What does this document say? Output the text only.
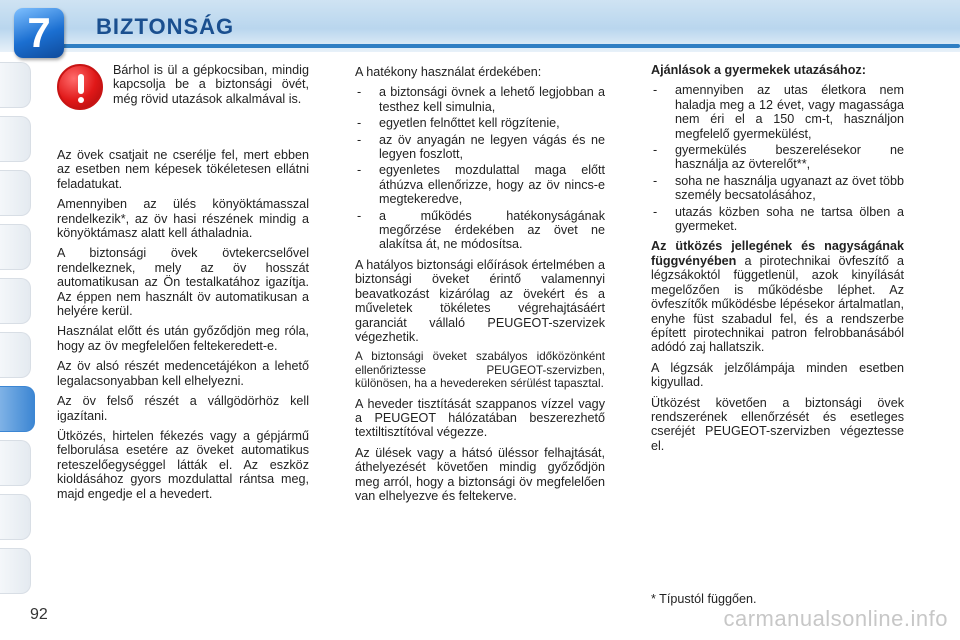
7	BIZTONSÁG

Bárhol is ül a gépkocsiban, mindig kapcsolja be a biztonsági övét, még rövid utazások alkalmával is.

Az övek csatjait ne cserélje fel, mert ebben az esetben nem képesek tökéletesen ellátni feladatukat.

Amennyiben az ülés könyöktámasszal rendelkezik*, az öv hasi részének mindig a könyöktámasz alatt kell áthaladnia.

A biztonsági övek övtekercselővel rendelkeznek, mely az öv hosszát automatikusan az Ön testalkatához igazítja. Az éppen nem használt öv automatikusan a helyére kerül.

Használat előtt és után győződjön meg róla, hogy az öv megfelelően feltekeredett-e.

Az öv alsó részét medencetájékon a lehető legalacsonyabban kell elhelyezni.

Az öv felső részét a vállgödörhöz kell igazítani.

Ütközés, hirtelen fékezés vagy a gépjármű felborulása esetére az öveket automatikus reteszelőegységgel látták el. Az eszköz kioldásához gyors mozdulattal rántsa meg, majd engedje el a hevedert.

A hatékony használat érdekében:

- a biztonsági övnek a lehető legjobban a testhez kell simulnia,
- egyetlen felnőttet kell rögzítenie,
- az öv anyagán ne legyen vágás és ne legyen foszlott,
- egyenletes mozdulattal maga előtt áthúzva ellenőrizze, hogy az öv nincs-e megtekeredve,
- a működés hatékonyságának megőrzése érdekében az övet ne alakítsa át, ne módosítsa.

A hatályos biztonsági előírások értelmében a biztonsági öveket érintő valamennyi beavatkozást kizárólag az övekért és a műveletek tökéletes végrehajtásáért garanciát vállaló PEUGEOT-szervizek végezhetik.

A biztonsági öveket szabályos időközönként ellenőriztesse PEUGEOT-szervizben, különösen, ha a hevedereken sérülést tapasztal.

A heveder tisztítását szappanos vízzel vagy a PEUGEOT hálózatában beszerezhető textiltisztítóval végezze.

Az ülések vagy a hátsó üléssor felhajtását, áthelyezését követően mindig győződjön meg arról, hogy a biztonsági öv megfelelően van elhelyezve és feltekerve.

Ajánlások a gyermekek utazásához:

- amennyiben az utas életkora nem haladja meg a 12 évet, vagy magassága nem éri el a 150 cm-t, használjon megfelelő gyermekülést,
- gyermekülés beszerelésekor ne használja az övterelőt**,
- soha ne használja ugyanazt az övet több személy becsatolásához,
- utazás közben soha ne tartsa ölben a gyermeket.

Az ütközés jellegének és nagyságának függvényében a pirotechnikai övfeszítő a légzsákoktól függetlenül, azok kinyílását megelőzően is működésbe léphet. Az övfeszítők működésbe lépésekor ártalmatlan, enyhe füst szabadul fel, és a rendszerbe épített pirotechnikai patron felrobbanásából adódó zaj hallatszik.

A légzsák jelzőlámpája minden esetben kigyullad.

Ütközést követően a biztonsági övek rendszerének ellenőrzését és esetleges cseréjét PEUGEOT-szervizben végeztesse el.

* Típustól függően.
92	carmanualsonline.info
